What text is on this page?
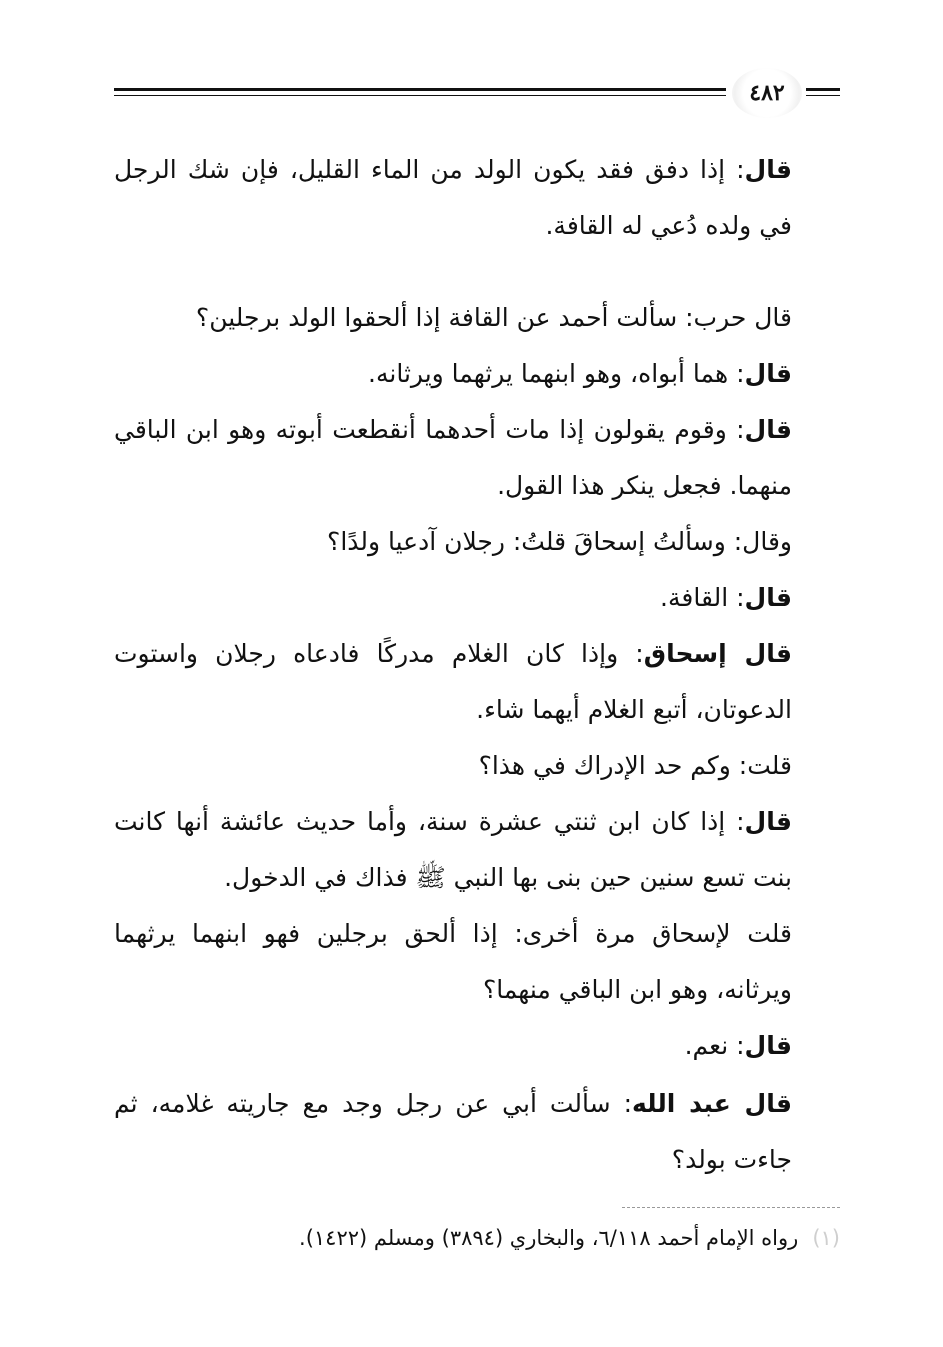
٤٨٢

قال: إذا دفق فقد يكون الولد من الماء القليل، فإن شك الرجل في ولده دُعي له القافة.

قال حرب: سألت أحمد عن القافة إذا ألحقوا الولد برجلين؟

قال: هما أبواه، وهو ابنهما يرثهما ويرثانه.

قال: وقوم يقولون إذا مات أحدهما أنقطعت أبوته وهو ابن الباقي منهما. فجعل ينكر هذا القول.

وقال: وسألتُ إسحاقَ قلتُ: رجلان آدعيا ولدًا؟

قال: القافة.

قال إسحاق: وإذا كان الغلام مدركًا فادعاه رجلان واستوت الدعوتان، أتبع الغلام أيهما شاء.

قلت: وكم حد الإدراك في هذا؟

قال: إذا كان ابن ثنتي عشرة سنة، وأما حديث عائشة أنها كانت بنت تسع سنين حين بنى بها النبي ﷺ فذاك في الدخول.

قلت لإسحاق مرة أخرى: إذا ألحق برجلين فهو ابنهما يرثهما ويرثانه، وهو ابن الباقي منهما؟

قال: نعم.

قال عبد الله: سألت أبي عن رجل وجد مع جاريته غلامه، ثم جاءت بولد؟

(١)رواه الإمام أحمد ٦/١١٨، والبخاري (٣٨٩٤) ومسلم (١٤٢٢).
